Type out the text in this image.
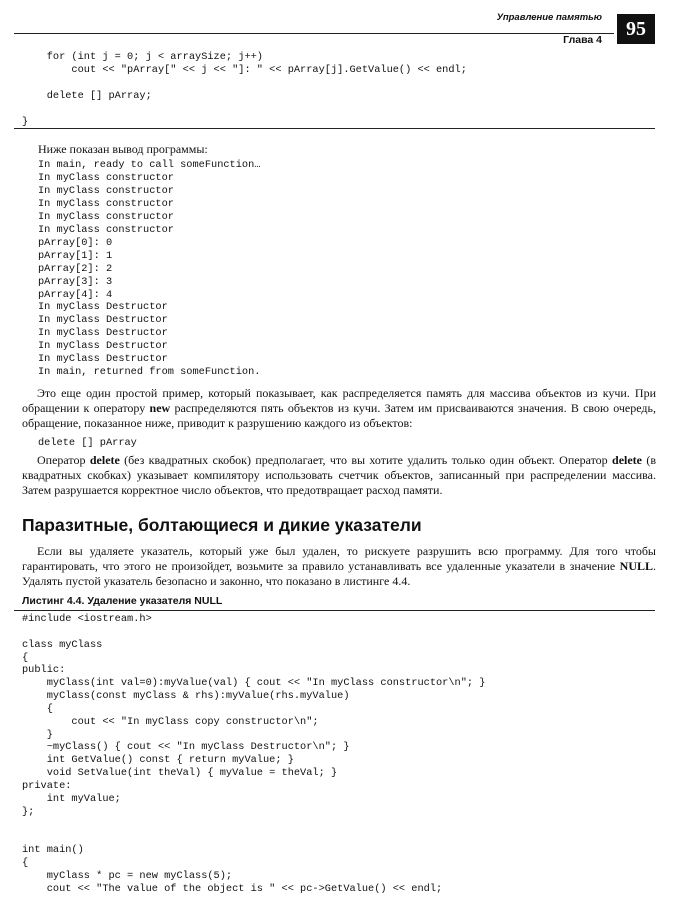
Управление памятью
Глава 4	95
for (int j = 0; j < arraySize; j++)
cout << "pArray[" << j << "]: " << pArray[j].GetValue() << endl;

delete [] pArray;

}

Ниже показан вывод программы:

In main, ready to call someFunction…
In myClass constructor
In myClass constructor
In myClass constructor
In myClass constructor
In myClass constructor
pArray[0]: 0
pArray[1]: 1
pArray[2]: 2
pArray[3]: 3
pArray[4]: 4
In myClass Destructor
In myClass Destructor
In myClass Destructor
In myClass Destructor
In myClass Destructor
In main, returned from someFunction.

Это еще один простой пример, который показывает, как распределяется память для массива объектов из кучи. При обращении к оператору new распределяются пять объектов из кучи. Затем им присваиваются значения. В свою очередь, обращение, показанное ниже, приводит к разрушению каждого из объектов:

delete [] pArray

Оператор delete (без квадратных скобок) предполагает, что вы хотите удалить только один объект. Оператор delete (в квадратных скобках) указывает компилятору использовать счетчик объектов, записанный при распределении массива. Затем разрушается корректное число объектов, что предотвращает расход памяти.

Паразитные, болтающиеся и дикие указатели

Если вы удаляете указатель, который уже был удален, то рискуете разрушить всю программу. Для того чтобы гарантировать, что этого не произойдет, возьмите за правило устанавливать все удаленные указатели в значение NULL. Удалять пустой указатель безопасно и законно, что показано в листинге 4.4.

Листинг 4.4. Удаление указателя NULL
#include <iostream.h>

class myClass
{
public:
myClass(int val=0):myValue(val) { cout << "In myClass constructor\n"; }
myClass(const myClass & rhs):myValue(rhs.myValue)
{
cout << "In myClass copy constructor\n";
}
~myClass() { cout << "In myClass Destructor\n"; }
int GetValue() const { return myValue; }
void SetValue(int theVal) { myValue = theVal; }
private:
int myValue;
};

int main()
{
myClass * pc = new myClass(5);
cout << "The value of the object is " << pc->GetValue() << endl;
